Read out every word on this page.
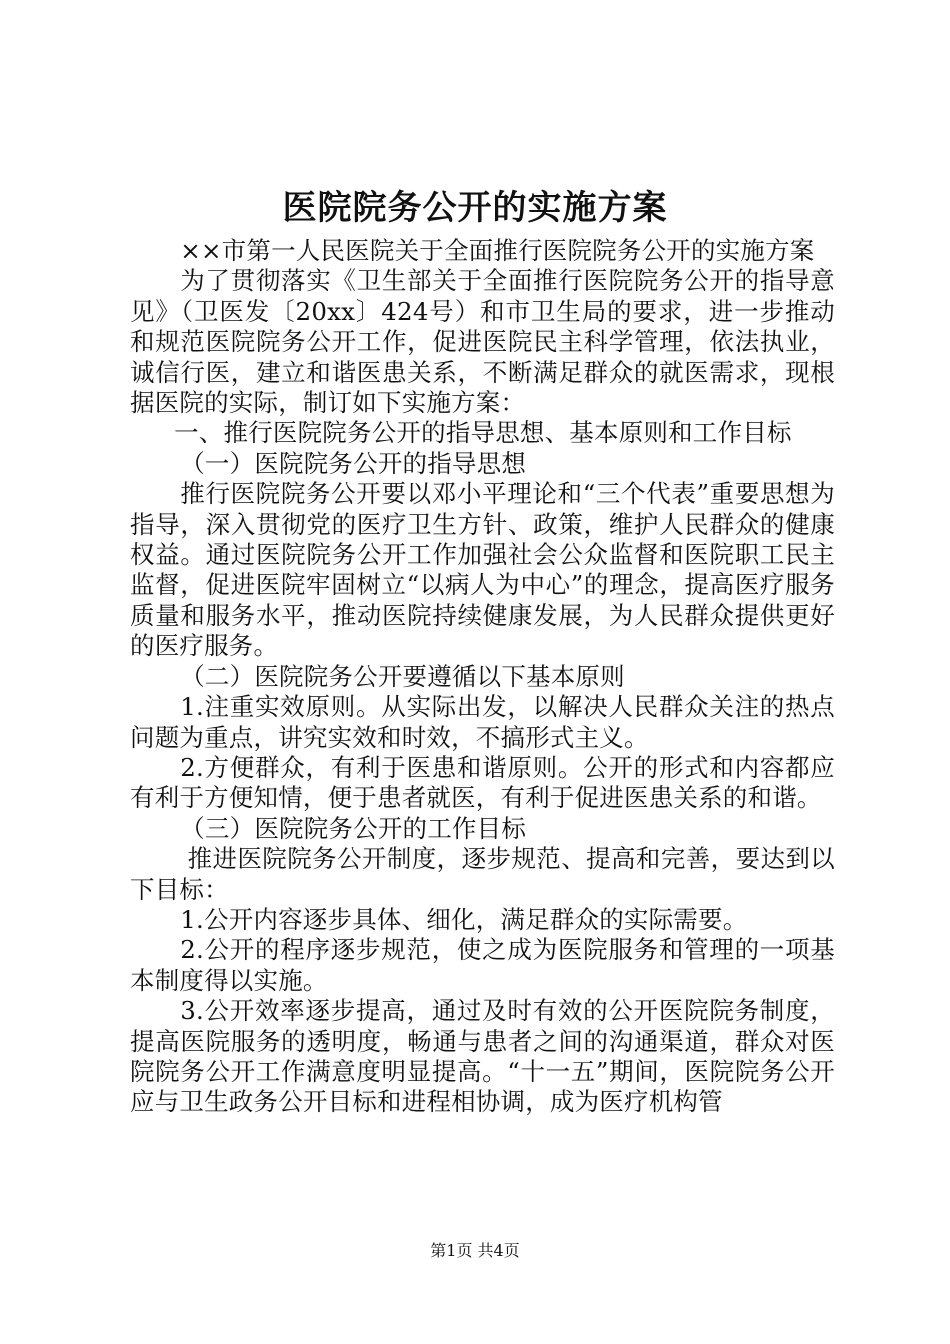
医院院务公开的实施方案

××市第一人民医院关于全面推行医院院务公开的实施方案

为了贯彻落实《卫生部关于全面推行医院院务公开的指导意见》（卫医发〔20xx〕424号）和市卫生局的要求，进一步推动和规范医院院务公开工作，促进医院民主科学管理，依法执业，诚信行医，建立和谐医患关系，不断满足群众的就医需求，现根据医院的实际，制订如下实施方案：

一、推行医院院务公开的指导思想、基本原则和工作目标

（一）医院院务公开的指导思想

推行医院院务公开要以邓小平理论和“三个代表”重要思想为指导，深入贯彻党的医疗卫生方针、政策，维护人民群众的健康权益。通过医院院务公开工作加强社会公众监督和医院职工民主监督，促进医院牢固树立“以病人为中心”的理念，提高医疗服务质量和服务水平，推动医院持续健康发展，为人民群众提供更好的医疗服务。

（二）医院院务公开要遵循以下基本原则

1.注重实效原则。从实际出发，以解决人民群众关注的热点问题为重点，讲究实效和时效，不搞形式主义。

2.方便群众，有利于医患和谐原则。公开的形式和内容都应有利于方便知情，便于患者就医，有利于促进医患关系的和谐。

（三）医院院务公开的工作目标

推进医院院务公开制度，逐步规范、提高和完善，要达到以下目标：

1.公开内容逐步具体、细化，满足群众的实际需要。

2.公开的程序逐步规范，使之成为医院服务和管理的一项基本制度得以实施。

3.公开效率逐步提高，通过及时有效的公开医院院务制度，提高医院服务的透明度，畅通与患者之间的沟通渠道，群众对医院院务公开工作满意度明显提高。“十一五”期间，医院院务公开应与卫生政务公开目标和进程相协调，成为医疗机构管

第1页 共4页
